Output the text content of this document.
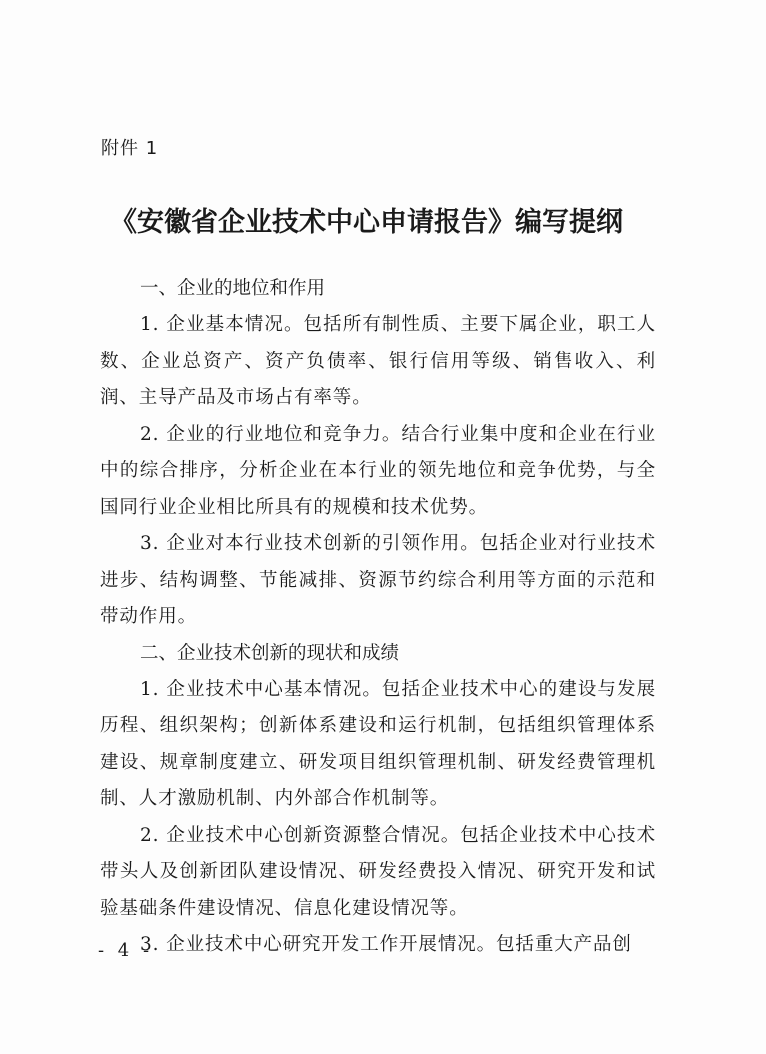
附件 1
《安徽省企业技术中心申请报告》编写提纲
一、企业的地位和作用

1. 企业基本情况。包括所有制性质、主要下属企业，职工人数、企业总资产、资产负债率、银行信用等级、销售收入、利润、主导产品及市场占有率等。

2. 企业的行业地位和竞争力。结合行业集中度和企业在行业中的综合排序，分析企业在本行业的领先地位和竞争优势，与全国同行业企业相比所具有的规模和技术优势。

3. 企业对本行业技术创新的引领作用。包括企业对行业技术进步、结构调整、节能减排、资源节约综合利用等方面的示范和带动作用。

二、企业技术创新的现状和成绩

1. 企业技术中心基本情况。包括企业技术中心的建设与发展历程、组织架构；创新体系建设和运行机制，包括组织管理体系建设、规章制度建立、研发项目组织管理机制、研发经费管理机制、人才激励机制、内外部合作机制等。

2. 企业技术中心创新资源整合情况。包括企业技术中心技术带头人及创新团队建设情况、研发经费投入情况、研究开发和试验基础条件建设情况、信息化建设情况等。

3. 企业技术中心研究开发工作开展情况。包括重大产品创

- 4 -
